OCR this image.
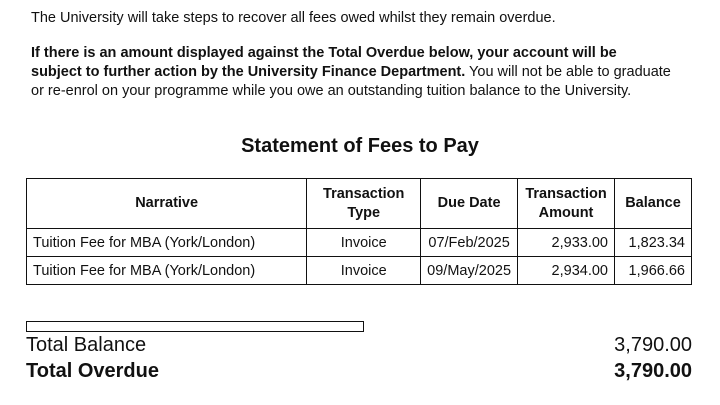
The University will take steps to recover all fees owed whilst they remain overdue.

If there is an amount displayed against the Total Overdue below, your account will be subject to further action by the University Finance Department. You will not be able to graduate or re-enrol on your programme while you owe an outstanding tuition balance to the University.

Statement of Fees to Pay
Narrative	Transaction Type	Due Date	Transaction Amount	Balance
Tuition Fee for MBA (York/London)	Invoice	07/Feb/2025	2,933.00	1,823.34
Tuition Fee for MBA (York/London)	Invoice	09/May/2025	2,934.00	1,966.66
Total Balance	3,790.00
Total Overdue	3,790.00
